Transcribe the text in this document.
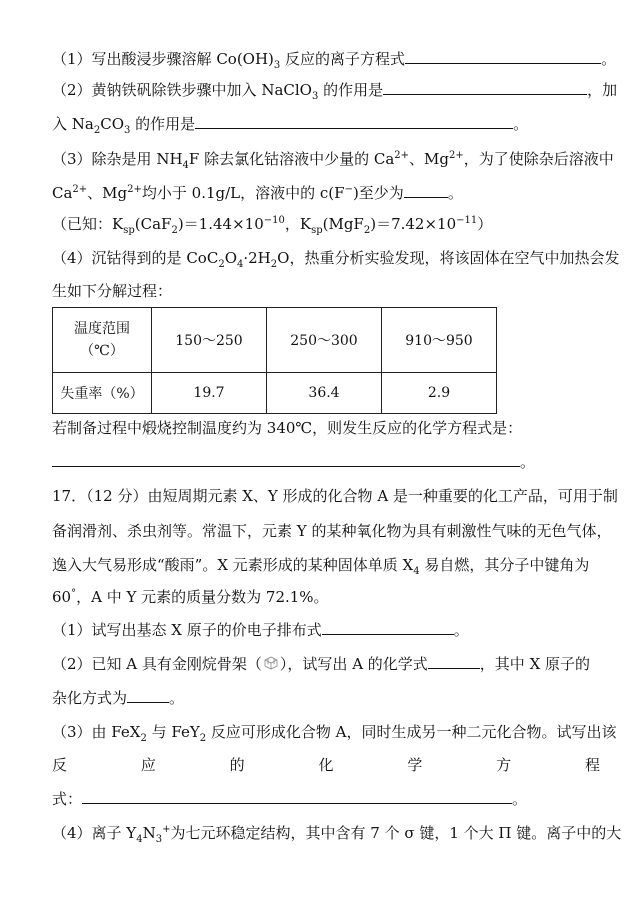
（1）写出酸浸步骤溶解 $Co(OH)_3$ 反应的离子方程式	。
（2）黄钠铁矾除铁步骤中加入 NaClO$_3$ 的作用是	，加
入 $Na_2CO_3$ 的作用是	。
（3）除杂是用 $NH_4F$ 除去氯化钴溶液中少量的 $Ca^{2+}$、$Mg^{2+}$，为了使除杂后溶液中
$Ca^{2+}$、$Mg^{2+}$均小于 0.1g/L，溶液中的 c(F−)至少为	。
（已知：$K_{sp}(CaF_2)=1.44\times 10^{-10}$，$K_{sp}(MgF_2)=7.42\times 10^{-11}$）
（4）沉钴得到的是 $CoC_2O_4\cdot 2H_2O$，热重分析实验发现，将该固体在空气中加热会发
生如下分解过程：
温度范围
（℃）	150～250	250～300	910～950
失重率（%）	19.7	36.4	2.9
若制备过程中煅烧控制温度约为 340℃，则发生反应的化学方程式是：
。
17．（12 分）由短周期元素 X、Y 形成的化合物 A 是一种重要的化工产品，可用于制
备润滑剂、杀虫剂等。常温下，元素 Y 的某种氧化物为具有刺激性气味的无色气体，
逸入大气易形成“酸雨”。X 元素形成的某种固体单质 $X_4$ 易自燃，其分子中键角为
60°，A 中 Y 元素的质量分数为 72.1%。
（1）试写出基态 X 原子的价电子排布式	。
（2）已知 A 具有金刚烷骨架（ ），试写出 A 的化学式	，其中 X 原子的
杂化方式为	。
（3）由 FeX$_2$ 与 FeY$_2$ 反应可形成化合物 A，同时生成另一种二元化合物。试写出该
反	应	的	化	学	方	程
式：	。
（4）离子 $Y_4N_3^+$为七元环稳定结构，其中含有 7 个 σ 键，1 个大 Π 键。离子中的大
